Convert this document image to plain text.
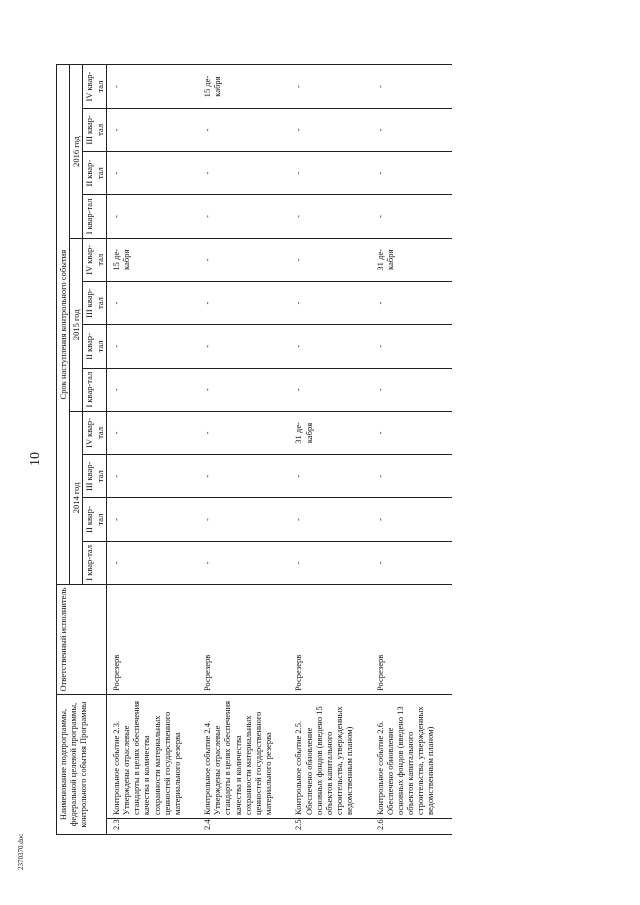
10
2370370.doc
Наименование подпрограммы, федеральной целевой программы, контрольного события Программы		Ответственный исполнитель	Срок наступления контрольного события											
			2014 год				2015 год				2016 год			
			I квар-тал	II квар-тал	III квар-тал	IV квар-тал	I квар-тал	II квар-тал	III квар-тал	IV квар-тал	I квар-тал	II квар-тал	III квар-тал	IV квар-тал
2.3.	Контрольное событие 2.3. Утверждены отраслевые стандарты в целях обеспечения качества и количества сохранности материальных ценностей государственного материального резерва	Росрезерв	-	-	-	-	-	-	-	15 де-кабря	-	-	-	-
2.4.	Контрольное событие 2.4. Утверждены отраслевые стандарты в целях обеспечения качества и количества сохранности материальных ценностей государственного материального резерва	Росрезерв	-	-	-	-	-	-	-	-	-	-	-	15 де-кабря
2.5.	Контрольное событие 2.5. Обеспечено обновление основных фондов (введено 15 объектов капитального строительства, утвержденных ведомственным планом)	Росрезерв	-	-	-	31 де-кабря	-	-	-	-	-	-	-	-
2.6.	Контрольное событие 2.6. Обеспечено обновление основных фондов (введено 13 объектов капитального строительства, утвержденных ведомственным планом)	Росрезерв	-	-	-	-	-	-	-	31 де-кабря	-	-	-	-
